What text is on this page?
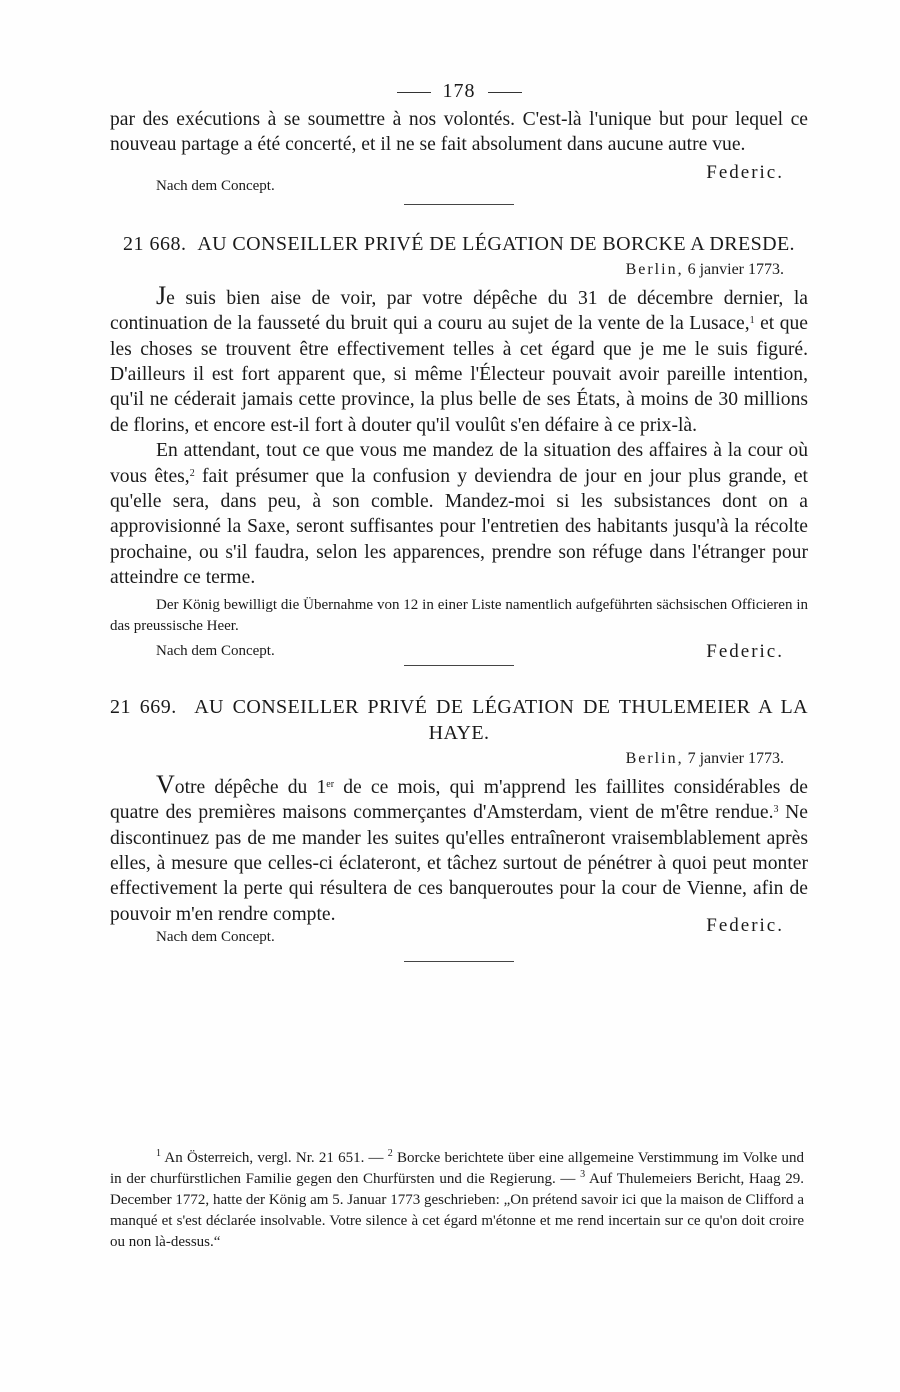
178

par des exécutions à se soumettre à nos volontés. C'est-là l'unique but pour lequel ce nouveau partage a été concerté, et il ne se fait absolument dans aucune autre vue.

Nach dem Concept.
Federic.
21 668. AU CONSEILLER PRIVÉ DE LÉGATION DE BORCKE A DRESDE.
Berlin, 6 janvier 1773.

Je suis bien aise de voir, par votre dépêche du 31 de décembre dernier, la continuation de la fausseté du bruit qui a couru au sujet de la vente de la Lusace,$^1$ et que les choses se trouvent être effectivement telles à cet égard que je me le suis figuré. D'ailleurs il est fort apparent que, si même l'Électeur pouvait avoir pareille intention, qu'il ne céderait jamais cette province, la plus belle de ses États, à moins de 30 millions de florins, et encore est-il fort à douter qu'il voulût s'en défaire à ce prix-là.

En attendant, tout ce que vous me mandez de la situation des affaires à la cour où vous êtes,$^2$ fait présumer que la confusion y deviendra de jour en jour plus grande, et qu'elle sera, dans peu, à son comble. Mandez-moi si les subsistances dont on a approvisionné la Saxe, seront suffisantes pour l'entretien des habitants jusqu'à la récolte prochaine, ou s'il faudra, selon les apparences, prendre son réfuge dans l'étranger pour atteindre ce terme.

Der König bewilligt die Übernahme von 12 in einer Liste namentlich aufgeführten sächsischen Officieren in das preussische Heer.

Nach dem Concept.	Federic.
21 669. AU CONSEILLER PRIVÉ DE LÉGATION DE THULEMEIER A LA HAYE.
Berlin, 7 janvier 1773.

Votre dépêche du 1er de ce mois, qui m'apprend les faillites considérables de quatre des premières maisons commerçantes d'Amsterdam, vient de m'être rendue.$^3$ Ne discontinuez pas de me mander les suites qu'elles entraîneront vraisemblablement après elles, à mesure que celles-ci éclateront, et tâchez surtout de pénétrer à quoi peut monter effectivement la perte qui résultera de ces banqueroutes pour la cour de Vienne, afin de pouvoir m'en rendre compte.

Nach dem Concept.
Federic.

$^1$ An Österreich, vergl. Nr. 21 651. — $^2$ Borcke berichtete über eine allgemeine Verstimmung im Volke und in der churfürstlichen Familie gegen den Churfürsten und die Regierung. — $^3$ Auf Thulemeiers Bericht, Haag 29. December 1772, hatte der König am 5. Januar 1773 geschrieben: „On prétend savoir ici que la maison de Clifford a manqué et s'est déclarée insolvable. Votre silence à cet égard m'étonne et me rend incertain sur ce qu'on doit croire ou non là-dessus.“
